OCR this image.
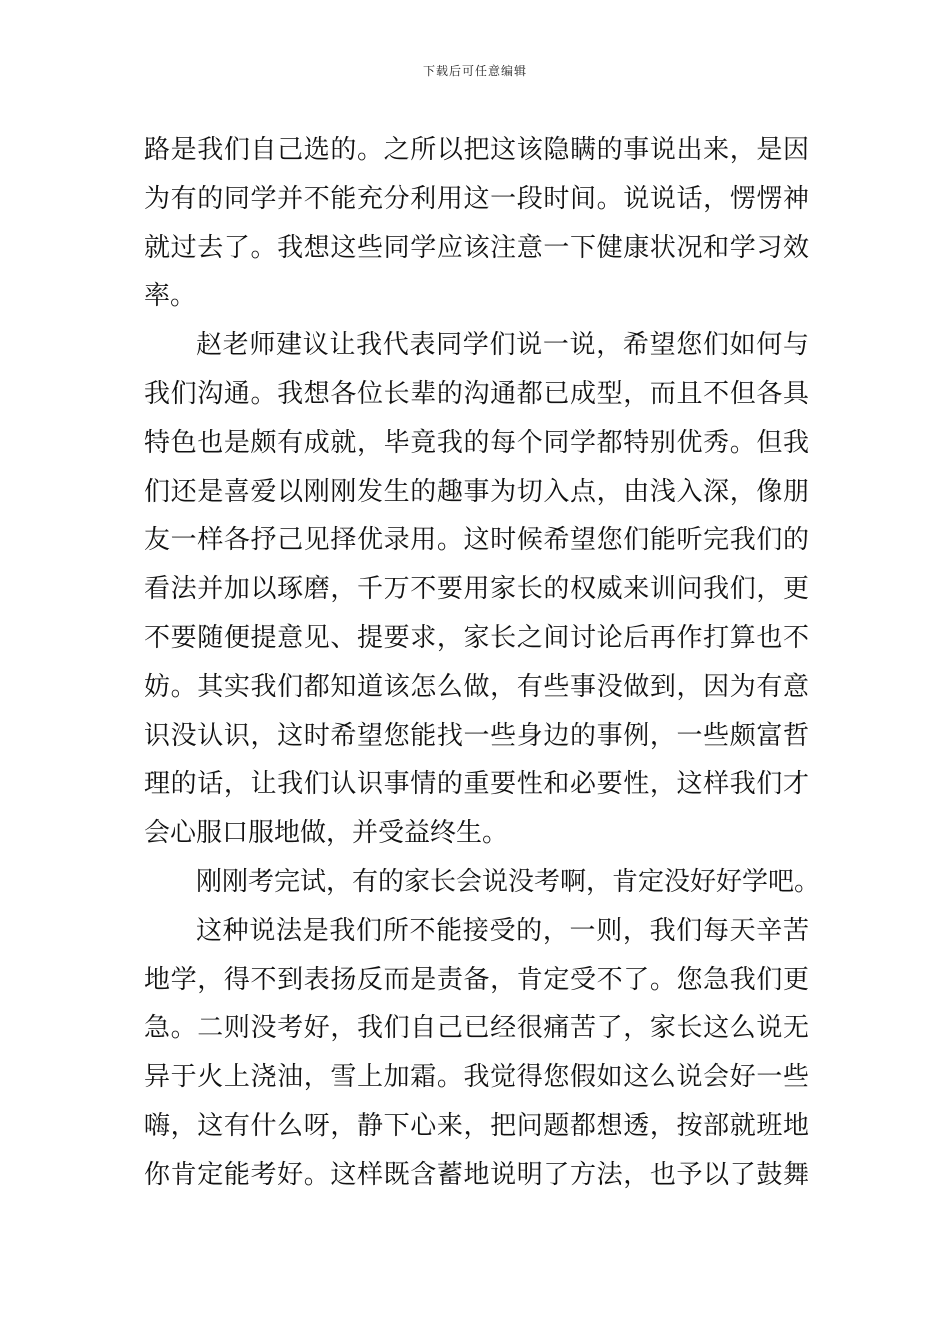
下载后可任意编辑
路是我们自己选的。之所以把这该隐瞒的事说出来，是因
为有的同学并不能充分利用这一段时间。说说话，愣愣神
就过去了。我想这些同学应该注意一下健康状况和学习效
率。
赵老师建议让我代表同学们说一说，希望您们如何与
我们沟通。我想各位长辈的沟通都已成型，而且不但各具
特色也是颇有成就，毕竟我的每个同学都特别优秀。但我
们还是喜爱以刚刚发生的趣事为切入点，由浅入深，像朋
友一样各抒己见择优录用。这时候希望您们能听完我们的
看法并加以琢磨，千万不要用家长的权威来训问我们，更
不要随便提意见、提要求，家长之间讨论后再作打算也不
妨。其实我们都知道该怎么做，有些事没做到，因为有意
识没认识，这时希望您能找一些身边的事例，一些颇富哲
理的话，让我们认识事情的重要性和必要性，这样我们才
会心服口服地做，并受益终生。
刚刚考完试，有的家长会说没考啊，肯定没好好学吧。
这种说法是我们所不能接受的，一则，我们每天辛苦
地学，得不到表扬反而是责备，肯定受不了。您急我们更
急。二则没考好，我们自己已经很痛苦了，家长这么说无
异于火上浇油，雪上加霜。我觉得您假如这么说会好一些
嗨，这有什么呀，静下心来，把问题都想透，按部就班地
你肯定能考好。这样既含蓄地说明了方法，也予以了鼓舞
